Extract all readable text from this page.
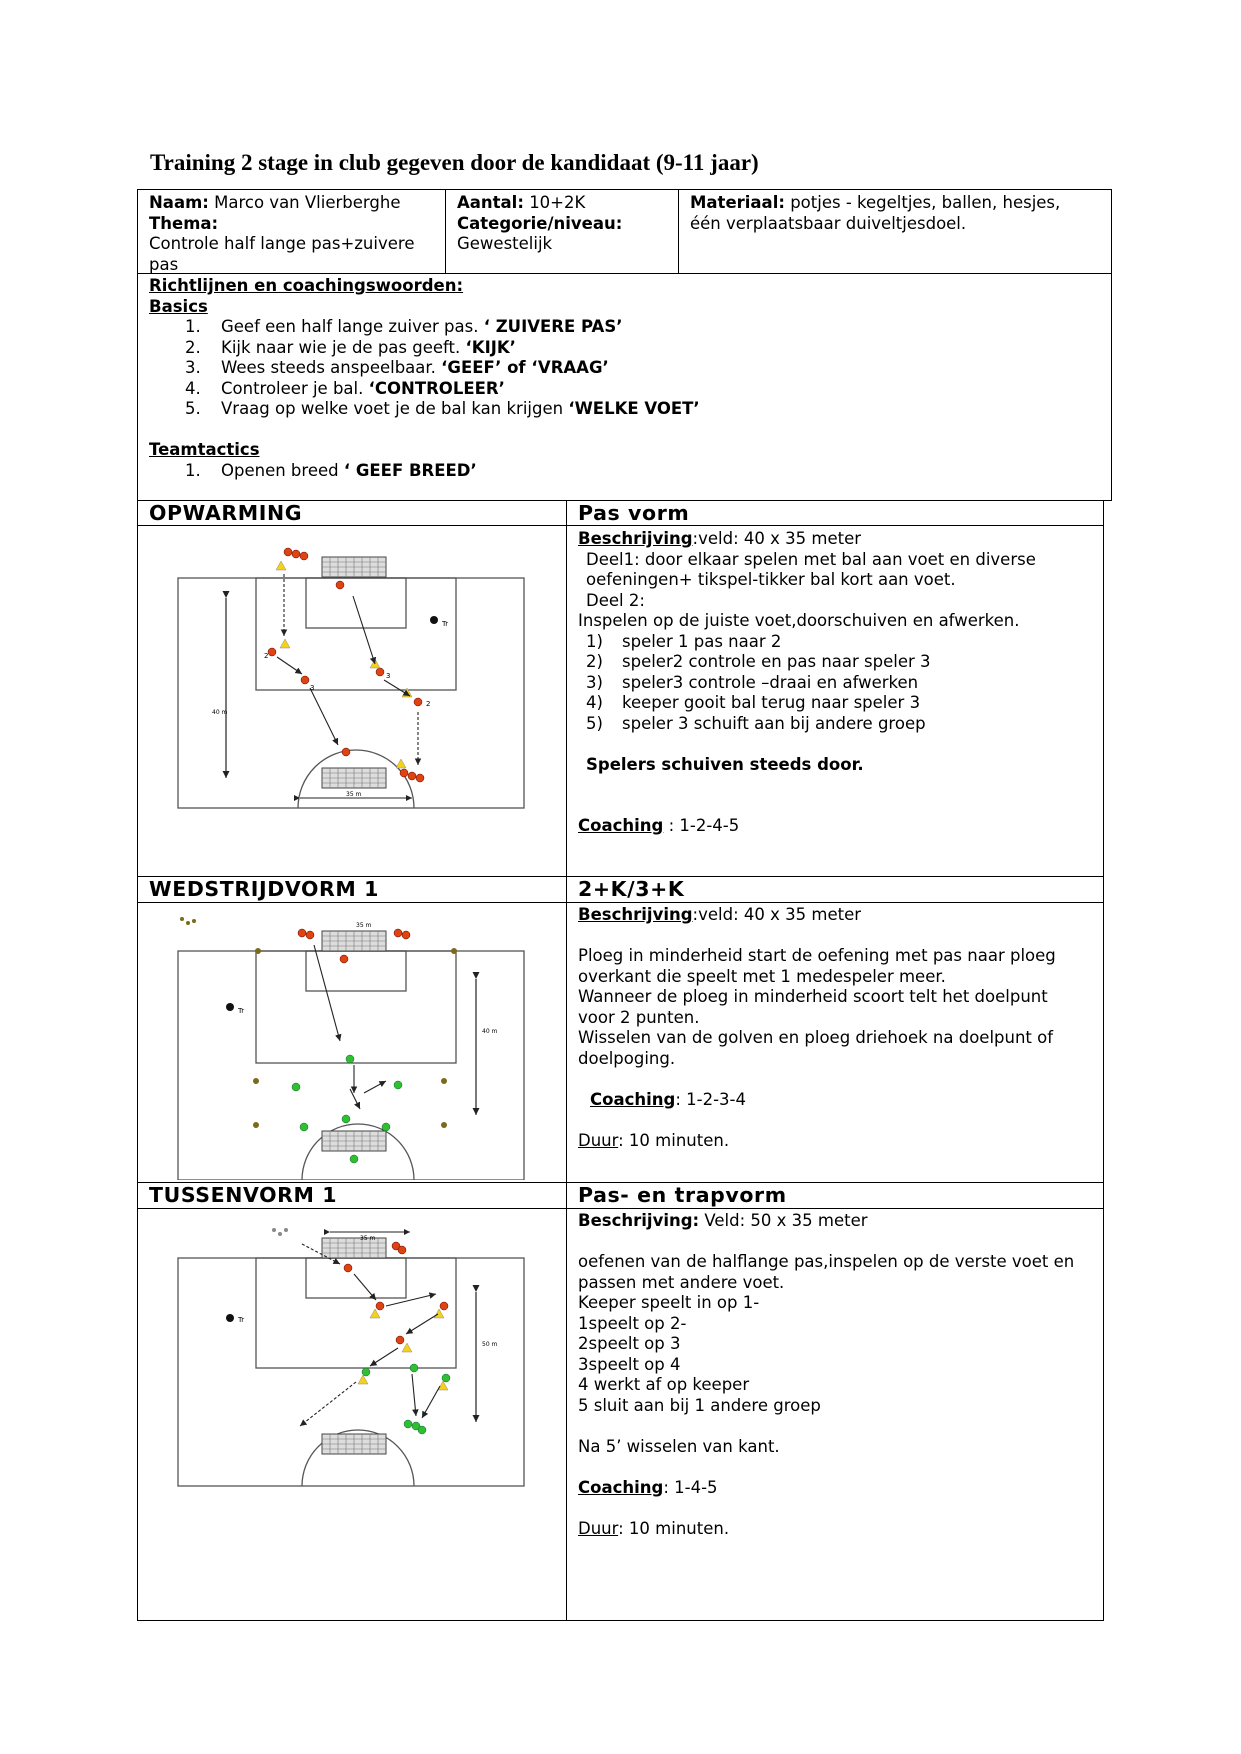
Training 2 stage in club gegeven door de kandidaat (9-11 jaar)
Naam: Marco van Vlierberghe
Thema:
Controle half lange pas+zuivere
pas
Aantal: 10+2K
Categorie/niveau:
Gewestelijk
Materiaal: potjes - kegeltjes, ballen, hesjes,
één verplaatsbaar duiveltjesdoel.
Richtlijnen en coachingswoorden:
Basics
1.	Geef een half lange zuiver pas. ‘ ZUIVERE PAS’
2.	Kijk naar wie je de pas geeft. ‘KIJK’
3.	Wees steeds anspeelbaar. ‘GEEF’ of ‘VRAAG’
4.	Controleer je bal. ‘CONTROLEER’
5.	Vraag op welke voet je de bal kan krijgen ‘WELKE VOET’
Teamtactics
1.	Openen breed ‘ GEEF BREED’
OPWARMING	Pas vorm
40 m
35 m
2
3
3
2
Tr
Beschrijving:veld: 40 x 35 meter
Deel1: door elkaar spelen met bal aan voet en diverse
oefeningen+ tikspel-tikker bal kort aan voet.
Deel 2:
Inspelen op de juiste voet,doorschuiven en afwerken.
1)	speler 1 pas naar 2
2)	speler2 controle en pas naar speler 3
3)	speler3 controle –draai en afwerken
4)	keeper gooit bal terug naar speler 3
5)	speler 3 schuift aan bij andere groep
Spelers schuiven steeds door.
Coaching : 1-2-4-5
WEDSTRIJDVORM 1	2+K/3+K
35 m
40 m
Tr
Beschrijving:veld: 40 x 35 meter
Ploeg in minderheid start de oefening met pas naar ploeg
overkant die speelt met 1 medespeler meer.
Wanneer de ploeg in minderheid scoort telt het doelpunt
voor 2 punten.
Wisselen van de golven en ploeg driehoek na doelpunt of
doelpoging.
Coaching: 1-2-3-4
Duur: 10 minuten.
TUSSENVORM 1	Pas- en trapvorm
35 m
50 m
Tr
Beschrijving: Veld: 50 x 35 meter
oefenen van de halflange pas,inspelen op de verste voet en
passen met andere voet.
Keeper speelt in op 1-
1speelt op 2-
2speelt op 3
3speelt op 4
4 werkt af op keeper
5 sluit aan bij 1 andere groep
Na 5’ wisselen van kant.
Coaching: 1-4-5
Duur: 10 minuten.
